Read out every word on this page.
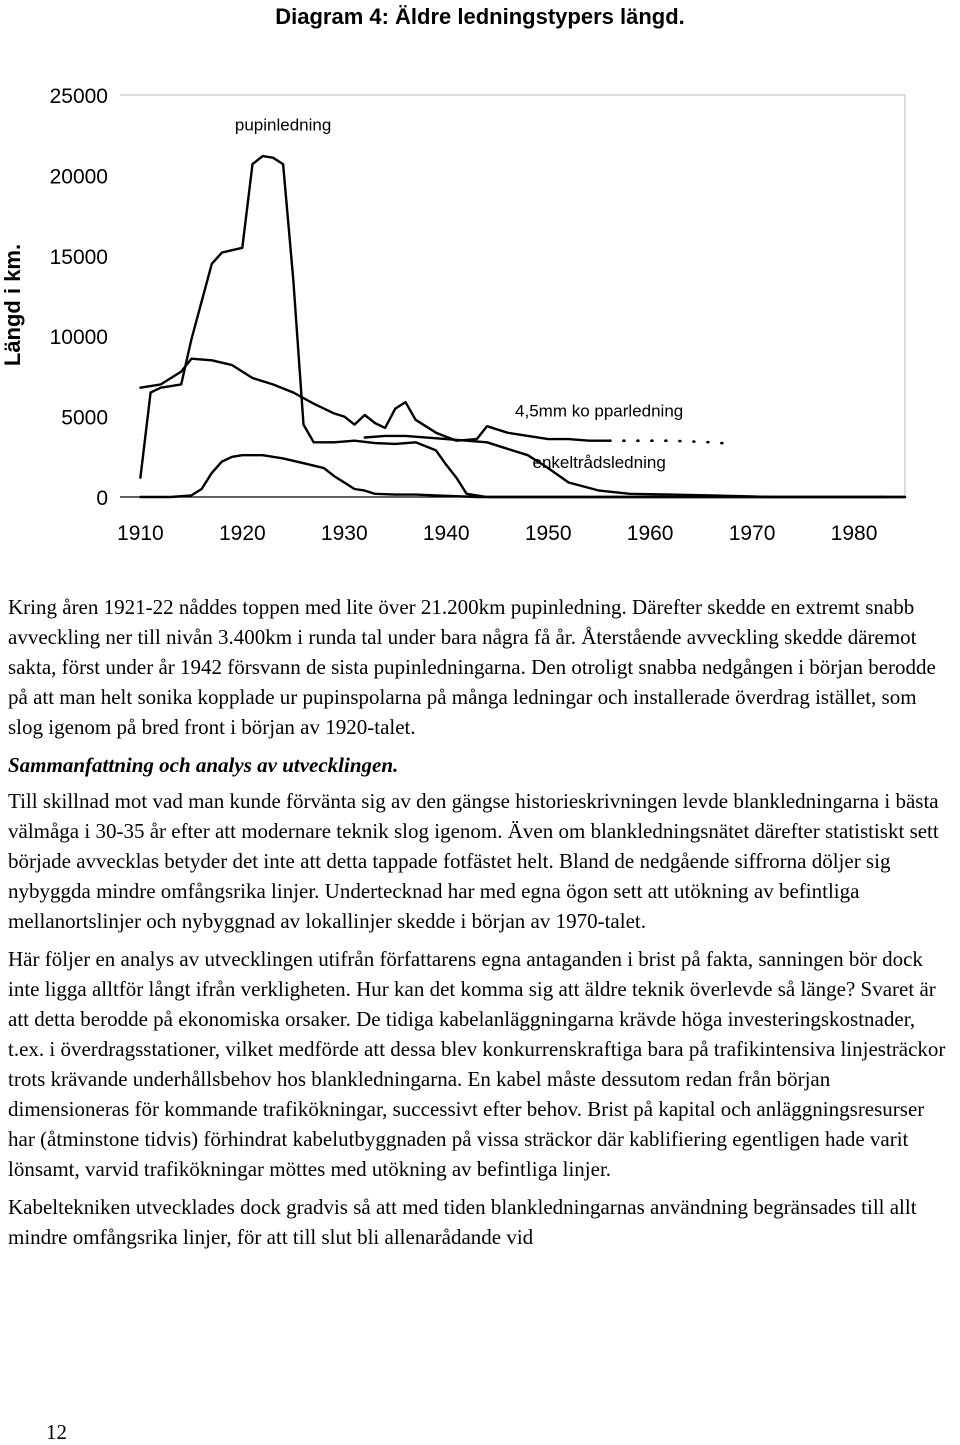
Diagram 4: Äldre ledningstypers längd.
0
5000
10000
15000
20000
25000
1910	1920	1930	1940	1950	1960	1970	1980
Längd i km.
pupinledning
4,5mm ko pparledning
enkeltrådsledning

Kring åren 1921-22 nåddes toppen med lite över 21.200km pupinledning. Därefter skedde en extremt snabb avveckling ner till nivån 3.400km i runda tal under bara några få år. Återstående avveckling skedde däremot sakta, först under år 1942 försvann de sista pupinledningarna. Den otroligt snabba nedgången i början berodde på att man helt sonika kopplade ur pupinspolarna på många ledningar och installerade överdrag istället, som slog igenom på bred front i början av 1920-talet.

Sammanfattning och analys av utvecklingen.

Till skillnad mot vad man kunde förvänta sig av den gängse historieskrivningen levde blankledningarna i bästa välmåga i 30-35 år efter att modernare teknik slog igenom. Även om blankledningsnätet därefter statistiskt sett började avvecklas betyder det inte att detta tappade fotfästet helt. Bland de nedgående siffrorna döljer sig nybyggda mindre omfångsrika linjer. Undertecknad har med egna ögon sett att utökning av befintliga mellanortslinjer och nybyggnad av lokallinjer skedde i början av 1970-talet.

Här följer en analys av utvecklingen utifrån författarens egna antaganden i brist på fakta, sanningen bör dock inte ligga alltför långt ifrån verkligheten. Hur kan det komma sig att äldre teknik överlevde så länge? Svaret är att detta berodde på ekonomiska orsaker. De tidiga kabelanläggningarna krävde höga investeringskostnader, t.ex. i överdragsstationer, vilket medförde att dessa blev konkurrenskraftiga bara på trafikintensiva linjesträckor trots krävande underhållsbehov hos blankledningarna. En kabel måste dessutom redan från början dimensioneras för kommande trafikökningar, successivt efter behov. Brist på kapital och anläggningsresurser har (åtminstone tidvis) förhindrat kabelutbyggnaden på vissa sträckor där kablifiering egentligen hade varit lönsamt, varvid trafikökningar möttes med utökning av befintliga linjer.

Kabeltekniken utvecklades dock gradvis så att med tiden blankledningarnas användning begränsades till allt mindre omfångsrika linjer, för att till slut bli allenarådande vid

12
